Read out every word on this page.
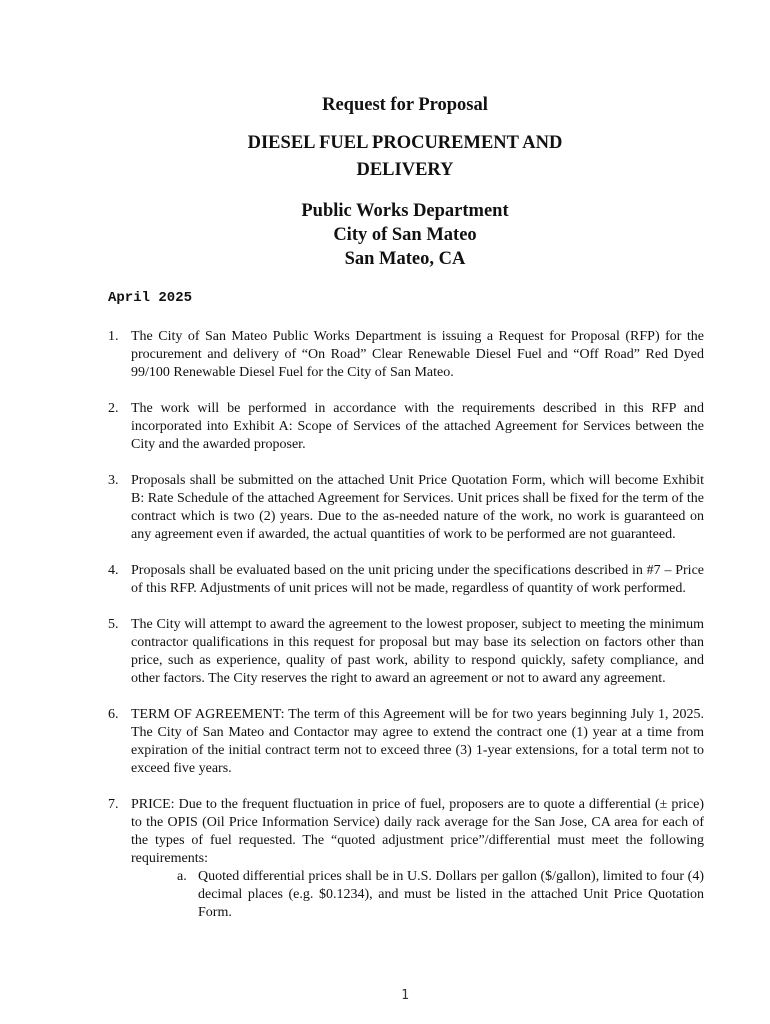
Request for Proposal

DIESEL FUEL PROCUREMENT AND
DELIVERY
Public Works Department
City of San Mateo
San Mateo, CA

April 2025

1. The City of San Mateo Public Works Department is issuing a Request for Proposal (RFP) for the procurement and delivery of “On Road” Clear Renewable Diesel Fuel and “Off Road” Red Dyed 99/100 Renewable Diesel Fuel for the City of San Mateo.
2. The work will be performed in accordance with the requirements described in this RFP and incorporated into Exhibit A: Scope of Services of the attached Agreement for Services between the City and the awarded proposer.
3. Proposals shall be submitted on the attached Unit Price Quotation Form, which will become Exhibit B: Rate Schedule of the attached Agreement for Services. Unit prices shall be fixed for the term of the contract which is two (2) years. Due to the as-needed nature of the work, no work is guaranteed on any agreement even if awarded, the actual quantities of work to be performed are not guaranteed.
4. Proposals shall be evaluated based on the unit pricing under the specifications described in #7 – Price of this RFP. Adjustments of unit prices will not be made, regardless of quantity of work performed.
5. The City will attempt to award the agreement to the lowest proposer, subject to meeting the minimum contractor qualifications in this request for proposal but may base its selection on factors other than price, such as experience, quality of past work, ability to respond quickly, safety compliance, and other factors. The City reserves the right to award an agreement or not to award any agreement.
6. TERM OF AGREEMENT: The term of this Agreement will be for two years beginning July 1, 2025. The City of San Mateo and Contactor may agree to extend the contract one (1) year at a time from expiration of the initial contract term not to exceed three (3) 1-year extensions, for a total term not to exceed five years.
7. PRICE: Due to the frequent fluctuation in price of fuel, proposers are to quote a differential (± price) to the OPIS (Oil Price Information Service) daily rack average for the San Jose, CA area for each of the types of fuel requested. The “quoted adjustment price”/differential must meet the following requirements:
a. Quoted differential prices shall be in U.S. Dollars per gallon ($/gallon), limited to four (4) decimal places (e.g. $0.1234), and must be listed in the attached Unit Price Quotation Form.
1
